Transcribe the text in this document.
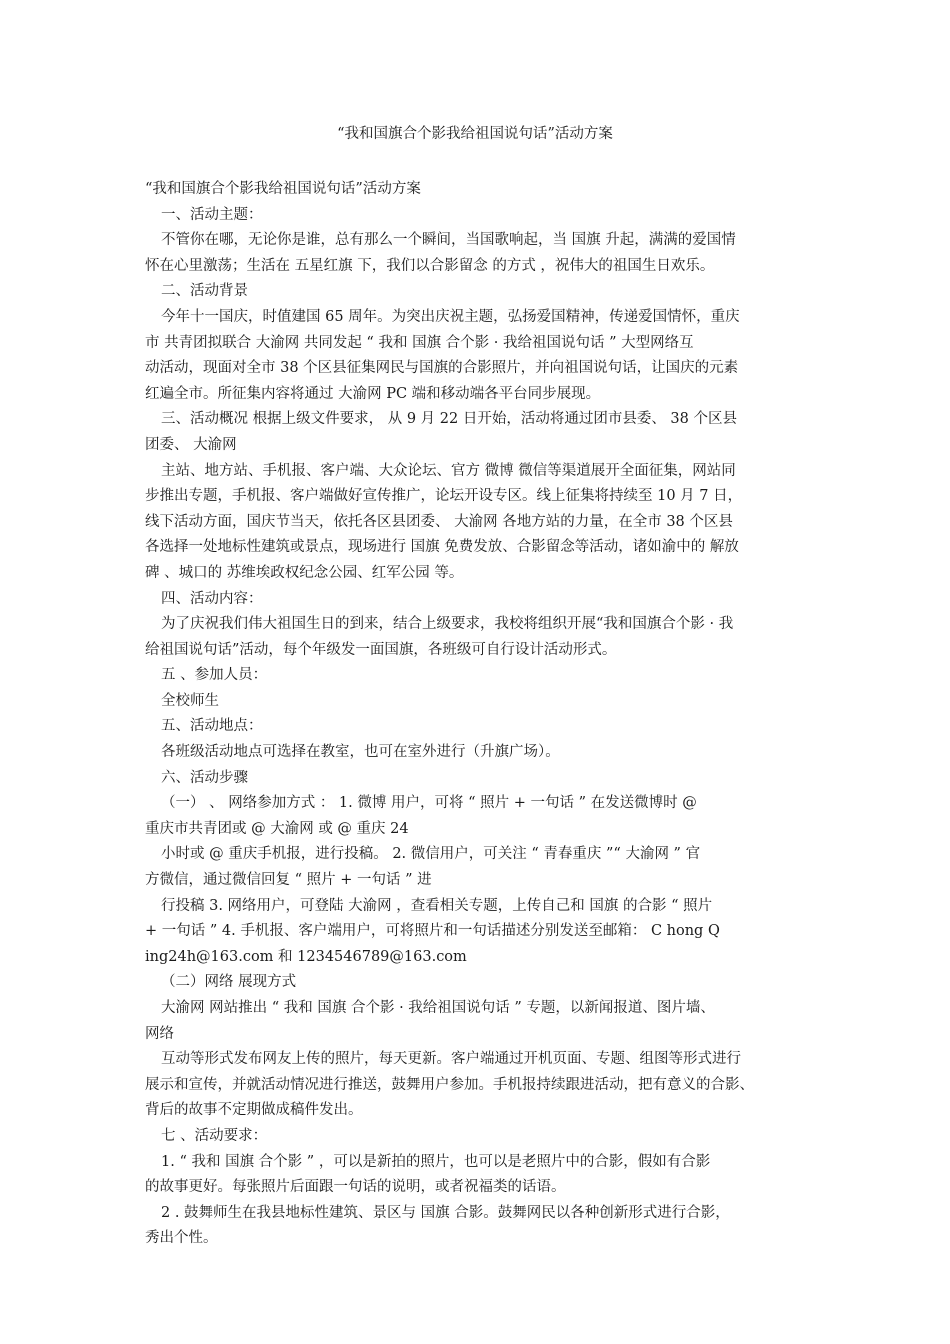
“我和国旗合个影我给祖国说句话”活动方案
“我和国旗合个影我给祖国说句话”活动方案
一、活动主题：
不管你在哪，无论你是谁，总有那么一个瞬间，当国歌响起，当 国旗 升起，满满的爱国情
怀在心里激荡；生活在 五星红旗 下，我们以合影留念 的方式 ，祝伟大的祖国生日欢乐。
二、活动背景
今年十一国庆，时值建国 65 周年。为突出庆祝主题，弘扬爱国精神，传递爱国情怀，重庆
市 共青团拟联合 大渝网 共同发起 “ 我和 国旗 合个影 · 我给祖国说句话 ” 大型网络互
动活动，现面对全市 38 个区县征集网民与国旗的合影照片，并向祖国说句话，让国庆的元素
红遍全市。所征集内容将通过 大渝网 PC 端和移动端各平台同步展现。
三、活动概况 根据上级文件要求， 从 9 月 22 日开始，活动将通过团市县委、 38 个区县
团委、 大渝网
主站、地方站、手机报、客户端、大众论坛、官方 微博 微信等渠道展开全面征集，网站同
步推出专题，手机报、客户端做好宣传推广，论坛开设专区。线上征集将持续至 10 月 7 日，
线下活动方面，国庆节当天，依托各区县团委、 大渝网 各地方站的力量，在全市 38 个区县
各选择一处地标性建筑或景点，现场进行 国旗 免费发放、合影留念等活动，诸如渝中的 解放
碑 、城口的 苏维埃政权纪念公园、红军公园 等。
四、活动内容：
为了庆祝我们伟大祖国生日的到来，结合上级要求，我校将组织开展“我和国旗合个影 · 我
给祖国说句话”活动，每个年级发一面国旗，各班级可自行设计活动形式。
五 、参加人员：
全校师生
五、活动地点：
各班级活动地点可选择在教室，也可在室外进行（升旗广场）。
六、活动步骤
（一） 、 网络参加方式 ： 1. 微博 用户，可将 “ 照片 + 一句话 ” 在发送微博时 @
重庆市共青团或 @ 大渝网 或 @ 重庆 24
小时或 @ 重庆手机报，进行投稿。 2. 微信用户，可关注 “ 青春重庆 ”“ 大渝网 ” 官
方微信，通过微信回复 “ 照片 + 一句话 ” 进
行投稿 3. 网络用户，可登陆 大渝网 ，查看相关专题，上传自己和 国旗 的合影 “ 照片
+ 一句话 ” 4. 手机报、客户端用户，可将照片和一句话描述分别发送至邮箱： C hong Q
ing24h@163.com 和 1234546789@163.com
（二）网络 展现方式
大渝网 网站推出 “ 我和 国旗 合个影 · 我给祖国说句话 ” 专题，以新闻报道、图片墙、
网络
互动等形式发布网友上传的照片，每天更新。客户端通过开机页面、专题、组图等形式进行
展示和宣传，并就活动情况进行推送，鼓舞用户参加。手机报持续跟进活动，把有意义的合影、
背后的故事不定期做成稿件发出。
七 、活动要求：
1. “ 我和 国旗 合个影 ” ，可以是新拍的照片，也可以是老照片中的合影，假如有合影
的故事更好。每张照片后面跟一句话的说明，或者祝福类的话语。
2 . 鼓舞师生在我县地标性建筑、景区与 国旗 合影。鼓舞网民以各种创新形式进行合影，
秀出个性。
